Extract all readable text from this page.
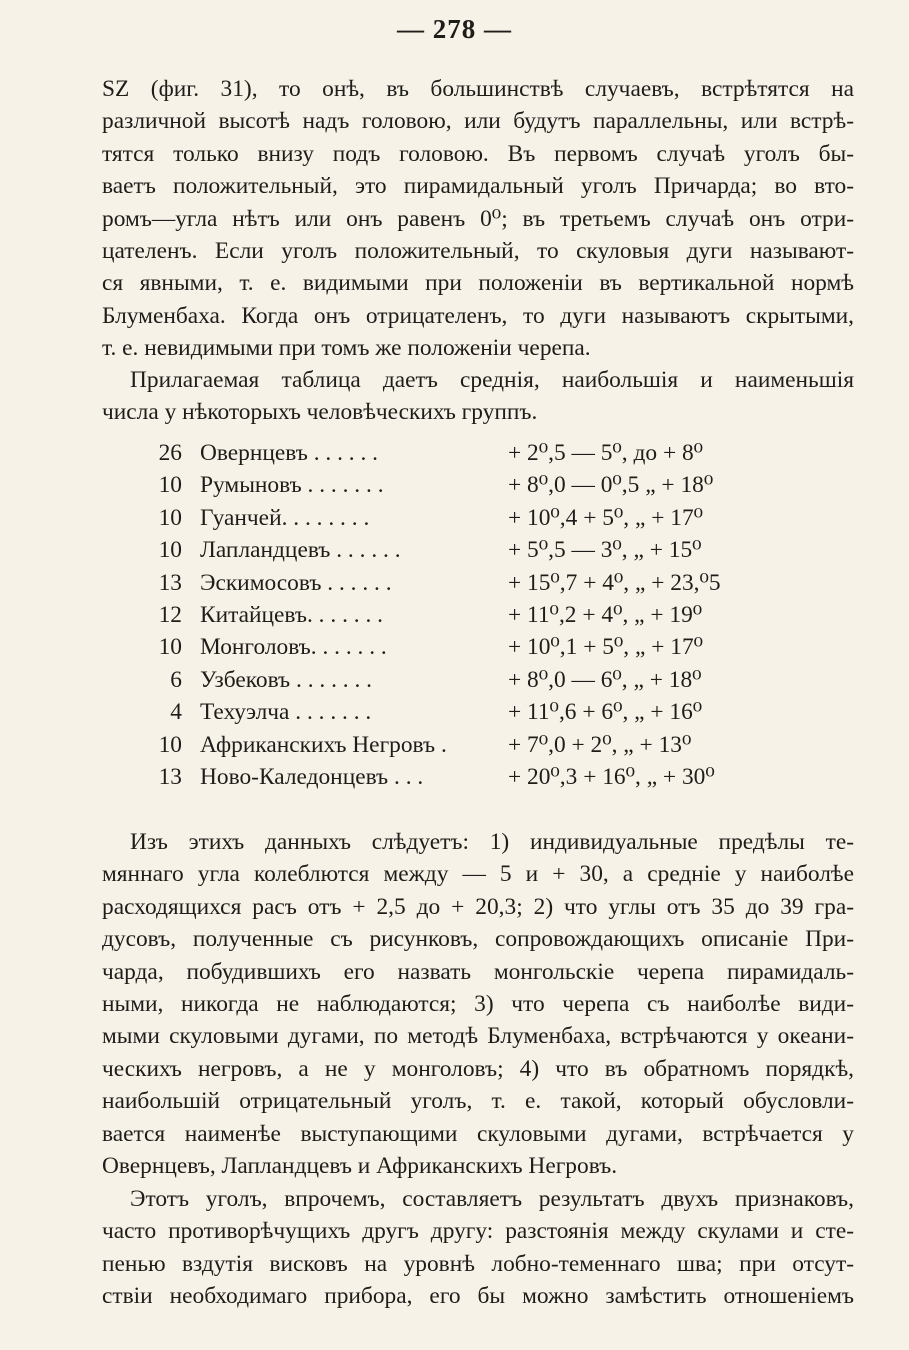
— 278 —
SZ (фиг. 31), то онѣ, въ большинствѣ случаевъ, встрѣтятся на
различной высотѣ надъ головою, или будутъ параллельны, или встрѣ-
тятся только внизу подъ головою. Въ первомъ случаѣ уголъ бы-
ваетъ положительный, это пирамидальный уголъ Причарда; во вто-
ромъ—угла нѣтъ или онъ равенъ 0⁰; въ третьемъ случаѣ онъ отри-
цателенъ. Если уголъ положительный, то скуловыя дуги называют-
ся явными, т. е. видимыми при положенiи въ вертикальной нормѣ
Блуменбаха. Когда онъ отрицателенъ, то дуги называютъ скрытыми,
т. е. невидимыми при томъ же положенiи черепа.
Прилагаемая таблица даетъ среднiя, наибольшiя и наименьшiя
числа у нѣкоторыхъ человѣческихъ группъ.
26 Овернцевъ . . . . . .	+ 2⁰,5 — 5⁰, до + 8⁰
10 Румыновъ . . . . . . .	+ 8⁰,0 — 0⁰,5 „ + 18⁰
10 Гуанчей. . . . . . . .	+ 10⁰,4 + 5⁰, „ + 17⁰
10 Лапландцевъ . . . . . .	+ 5⁰,5 — 3⁰, „ + 15⁰
13 Эскимосовъ . . . . . .	+ 15⁰,7 + 4⁰, „ + 23,⁰5
12 Китайцевъ. . . . . . .	+ 11⁰,2 + 4⁰, „ + 19⁰
10 Монголовъ. . . . . . .	+ 10⁰,1 + 5⁰, „ + 17⁰
6 Узбековъ . . . . . . .	+ 8⁰,0 — 6⁰, „ + 18⁰
4 Техуэлча . . . . . . .	+ 11⁰,6 + 6⁰, „ + 16⁰
10 Африканскихъ Негровъ .	+ 7⁰,0 + 2⁰, „ + 13⁰
13 Ново-Каледонцевъ . . .	+ 20⁰,3 + 16⁰, „ + 30⁰
Изъ этихъ данныхъ слѣдуетъ: 1) индивидуальные предѣлы те-
мяннаго угла колеблются между — 5 и + 30, а среднiе у наиболѣе
расходящихся расъ отъ + 2,5 до + 20,3; 2) что углы отъ 35 до 39 гра-
дусовъ, полученные съ рисунковъ, сопровождающихъ описанiе При-
чарда, побудившихъ его назвать монгольскiе черепа пирамидаль-
ными, никогда не наблюдаются; 3) что черепа съ наиболѣе види-
мыми скуловыми дугами, по методѣ Блуменбаха, встрѣчаются у океани-
ческихъ негровъ, а не у монголовъ; 4) что въ обратномъ порядкѣ,
наибольшiй отрицательный уголъ, т. е. такой, который обусловли-
вается наименѣе выступающими скуловыми дугами, встрѣчается у
Овернцевъ, Лапландцевъ и Африканскихъ Негровъ.
Этотъ уголъ, впрочемъ, составляетъ результатъ двухъ признаковъ,
часто противорѣчущихъ другъ другу: разстоянiя между скулами и сте-
пенью вздутiя висковъ на уровнѣ лобно-теменнаго шва; при отсут-
ствiи необходимаго прибора, его бы можно замѣстить отношенiемъ
